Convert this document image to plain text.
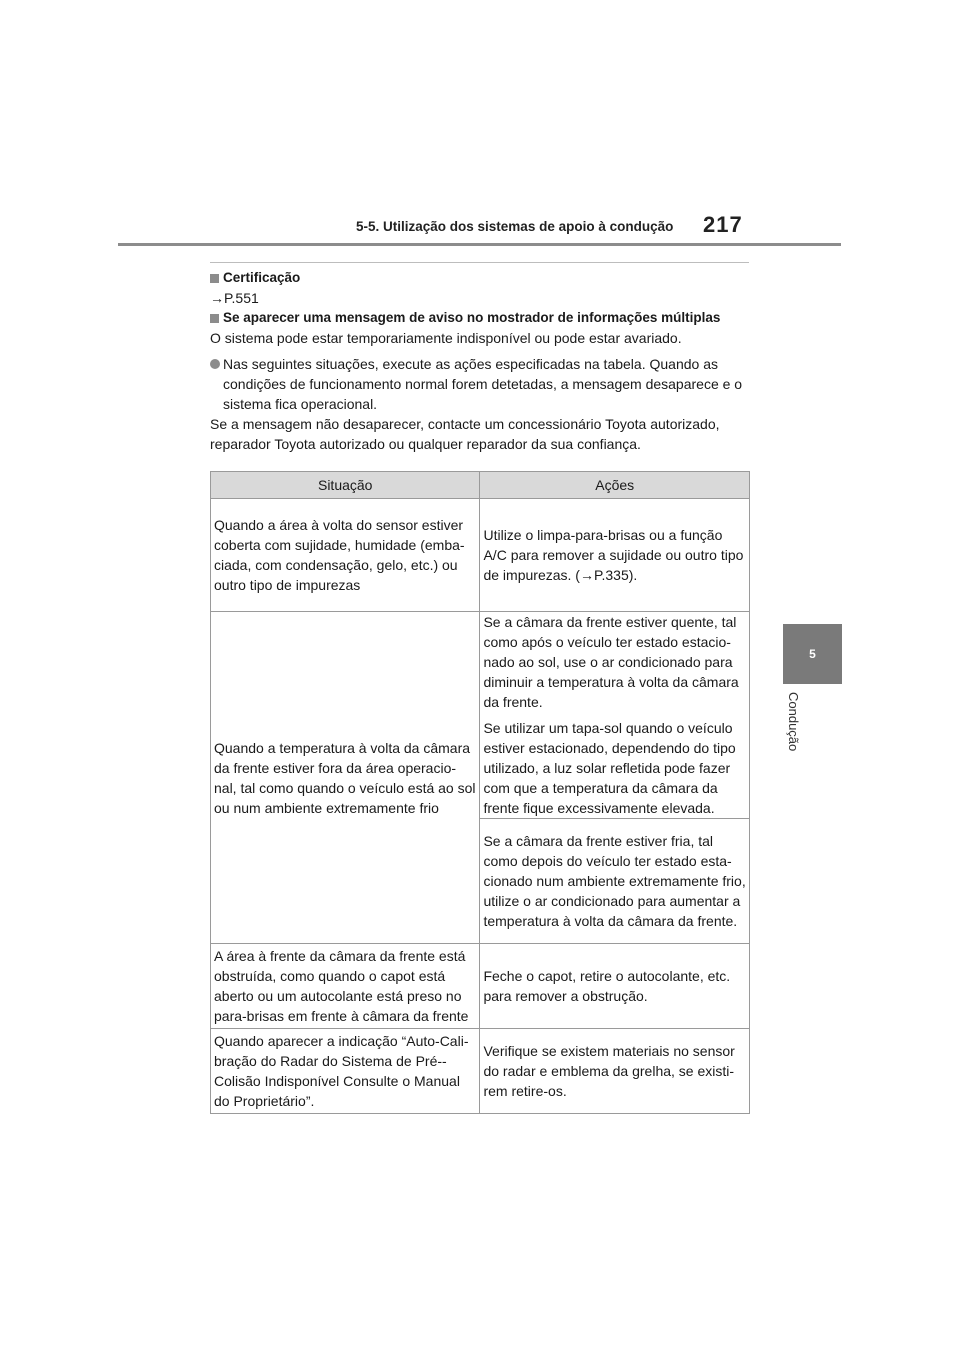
5-5. Utilização dos sistemas de apoio à condução 217
5
Condução

Certificação

→P.551

Se aparecer uma mensagem de aviso no mostrador de informações múltiplas

O sistema pode estar temporariamente indisponível ou pode estar avariado.

Nas seguintes situações, execute as ações especificadas na tabela. Quando as condições de funcionamento normal forem detetadas, a mensagem desaparece e o sistema fica operacional.

Se a mensagem não desaparecer, contacte um concessionário Toyota autorizado, reparador Toyota autorizado ou qualquer reparador da sua confiança.

Situação	Ações
Quando a área à volta do sensor estiver coberta com sujidade, humidade (emba-ciada, com condensação, gelo, etc.) ou outro tipo de impurezas	Utilize o limpa-para-brisas ou a função A/C para remover a sujidade ou outro tipo de impurezas. (→P.335).
Quando a temperatura à volta da câmara da frente estiver fora da área operacio-nal, tal como quando o veículo está ao sol ou num ambiente extremamente frio	Se a câmara da frente estiver quente, tal como após o veículo ter estado estacio-nado ao sol, use o ar condicionado para diminuir a temperatura à volta da câmara da frente.

Se utilizar um tapa-sol quando o veículo estiver estacionado, dependendo do tipo utilizado, a luz solar refletida pode fazer com que a temperatura da câmara da frente fique excessivamente elevada.

	Se a câmara da frente estiver fria, tal como depois do veículo ter estado esta-cionado num ambiente extremamente frio, utilize o ar condicionado para aumentar a temperatura à volta da câmara da frente.
A área à frente da câmara da frente está obstruída, como quando o capot está aberto ou um autocolante está preso no para-brisas em frente à câmara da frente	Feche o capot, retire o autocolante, etc. para remover a obstrução.
Quando aparecer a indicação “Auto-Cali-bração do Radar do Sistema de Pré--Colisão Indisponível Consulte o Manual do Proprietário”.	Verifique se existem materiais no sensor do radar e emblema da grelha, se existi-rem retire-os.
